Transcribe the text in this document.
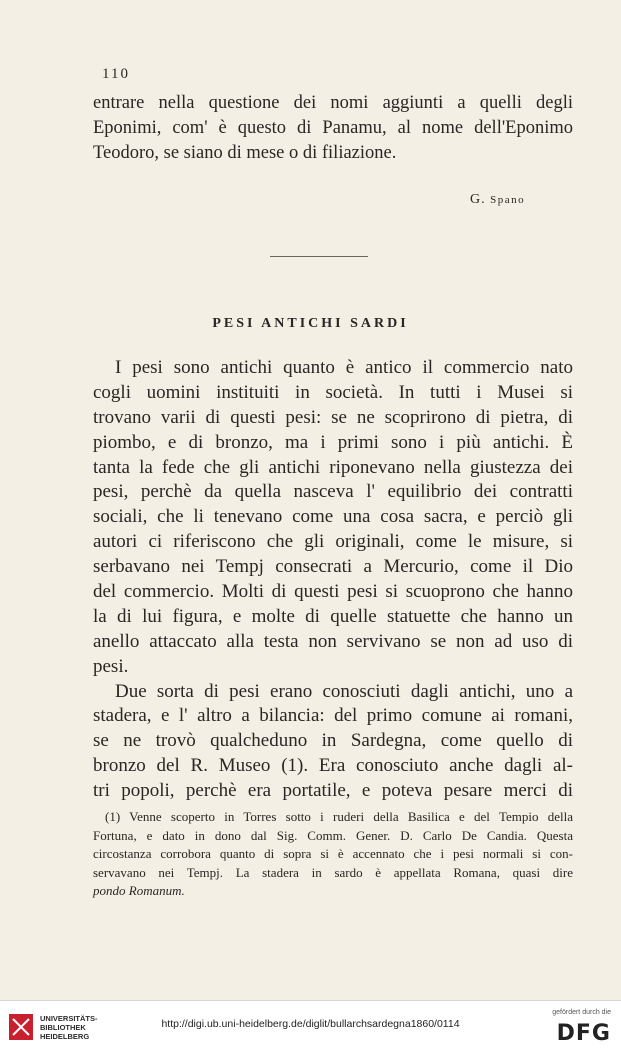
110
entrare nella questione dei nomi aggiunti a quelli degli
Eponimi, com' è questo di Panamu, al nome dell'Eponimo
Teodoro, se siano di mese o di filiazione.
G. Spano
PESI ANTICHI SARDI
I pesi sono antichi quanto è antico il commercio nato
cogli uomini instituiti in società. In tutti i Musei si
trovano varii di questi pesi: se ne scoprirono di pietra, di
piombo, e di bronzo, ma i primi sono i più antichi. È
tanta la fede che gli antichi riponevano nella giustezza dei
pesi, perchè da quella nasceva l' equilibrio dei contratti
sociali, che li tenevano come una cosa sacra, e perciò gli
autori ci riferiscono che gli originali, come le misure, si
serbavano nei Tempj consecrati a Mercurio, come il Dio
del commercio. Molti di questi pesi si scuoprono che hanno
la di lui figura, e molte di quelle statuette che hanno un
anello attaccato alla testa non servivano se non ad uso di
pesi.
Due sorta di pesi erano conosciuti dagli antichi, uno a
stadera, e l' altro a bilancia: del primo comune ai romani,
se ne trovò qualcheduno in Sardegna, come quello di
bronzo del R. Museo (1). Era conosciuto anche dagli al-
tri popoli, perchè era portatile, e poteva pesare merci di
(1) Venne scoperto in Torres sotto i ruderi della Basilica e del Tempio della
Fortuna, e dato in dono dal Sig. Comm. Gener. D. Carlo De Candia. Questa
circostanza corrobora quanto di sopra si è accennato che i pesi normali si con-
servavano nei Tempj. La stadera in sardo è appellata Romana, quasi dire
pondo Romanum.
UNIVERSITÄTS-
BIBLIOTHEK
HEIDELBERG
http://digi.ub.uni-heidelberg.de/diglit/bullarchsardegna1860/0114
gefördert durch die
DFG
